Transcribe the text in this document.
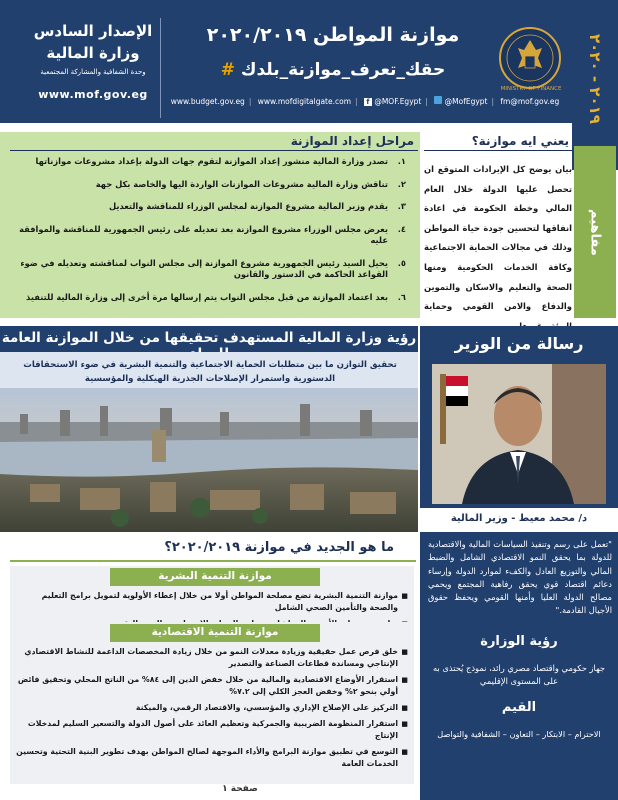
الإصدار السادس
وزارة المالية
وحدة الشفافية والمشاركة المجتمعية
www.mof.gov.eg
موازنة المواطن ٢٠٢٠/٢٠١٩
# حقك_تعرف_موازنة_بلدك
www.budget.gov.eg | www.mofdigitalgate.com | f @MOF.Egypt | @MofEgypt | fm@mof.gov.eg
MINISTRY OF FINANCE
٢٠١٩ - ٢٠٢٠
مراحل إعداد الموازنة
١.
تصدر وزارة المالية منشور إعداد الموازنة لتقوم جهات الدولة بإعداد مشروعات موازناتها
٢.
تناقش وزارة المالية مشروعات الموازنات الواردة اليها والخاصة بكل جهة
٣.
يقدم وزير المالية مشروع الموازنة لمجلس الوزراء للمناقشة والتعديل
٤.
يعرض مجلس الوزراء مشروع الموازنة بعد تعديله على رئيس الجمهورية للمناقشة والموافقة عليه
٥.
يحيل السيد رئيس الجمهورية مشروع الموازنة إلى مجلس النواب لمناقشته وتعديله في ضوء القواعد الحاكمة في الدستور والقانون
٦.
بعد اعتماد الموازنة من قبل مجلس النواب يتم إرسالها مرة أخرى إلى وزارة المالية للتنفيذ
يعني ايه موازنة؟
بيان يوضح كل الإيرادات المتوقع ان تحصل عليها الدولة خلال العام المالي وخطة الحكومة في اعادة انفاقها لتحسين جودة حياة المواطن وذلك في مجالات الحماية الاجتماعية وكافة الخدمات الحكومية ومنها الصحة والتعليم والاسكان والتموين والدفاع والامن القومي وحماية
مفاهيم
رؤية وزارة المالية المستهدف تحقيقها من خلال الموازنة العامة
تحقيق التوازن ما بين متطلبات الحماية الاجتماعية والتنمية البشرية في ضوء الاستحقاقات الدستورية واستمرار الإصلاحات الجذرية الهيكلية والمؤسسية
رسالة من الوزير
د/ محمد معيط - وزير المالية
"تعمل على رسم وتنفيذ السياسات المالية والاقتصادية للدولة بما يحقق النمو الاقتصادي الشامل والضبط المالي والتوزيع العادل والكفء لموارد الدولة وإرساء دعائم اقتصاد قوي يحقق رفاهية المجتمع ويحمي مصالح الدولة العليا وأمنها القومي ويحفظ حقوق الأجيال القادمة."
رؤية الوزارة
جهاز حكومي واقتصاد مصري رائد، نموذج يُحتذى به على المستوى الإقليمي
القيم
الاحترام – الابتكار – التعاون – الشفافية والتواصل
ما هو الجديد في موازنة ٢٠٢٠/٢٠١٩؟
موازنة التنمية البشرية
■
موازنة التنمية البشرية تضع مصلحة المواطن أولا من خلال إعطاء الأولوية لتمويل برامج التعليم والصحة والتأمين الصحي الشامل
موازنة التنمية الاقتصادية
■
خلق فرص عمل حقيقية وزيادة معدلات النمو من خلال زيادة المخصصات الداعمة للنشاط الاقتصادي الإنتاجي ومساندة قطاعات الصناعة والتصدير
■
استقرار الأوضاع الاقتصادية والمالية من خلال خفض الدين إلى ٨٤% من الناتج المحلي وتحقيق فائض أولي بنحو ٢% وخفض العجز الكلي إلى ٧.٢%
■
التركيز على الإصلاح الإداري والمؤسسي، والاقتصاد الرقمي، والميكنة
■
استقرار المنظومة الضريبية والجمركية وتعظيم العائد على أصول الدولة والتسعير السليم لمدخلات الإنتاج
■
التوسع في تطبيق موازنة البرامج والأداء الموجهة لصالح المواطن بهدف تطوير البنية التحتية وتحسين الخدمات العامة
صفحة ١
